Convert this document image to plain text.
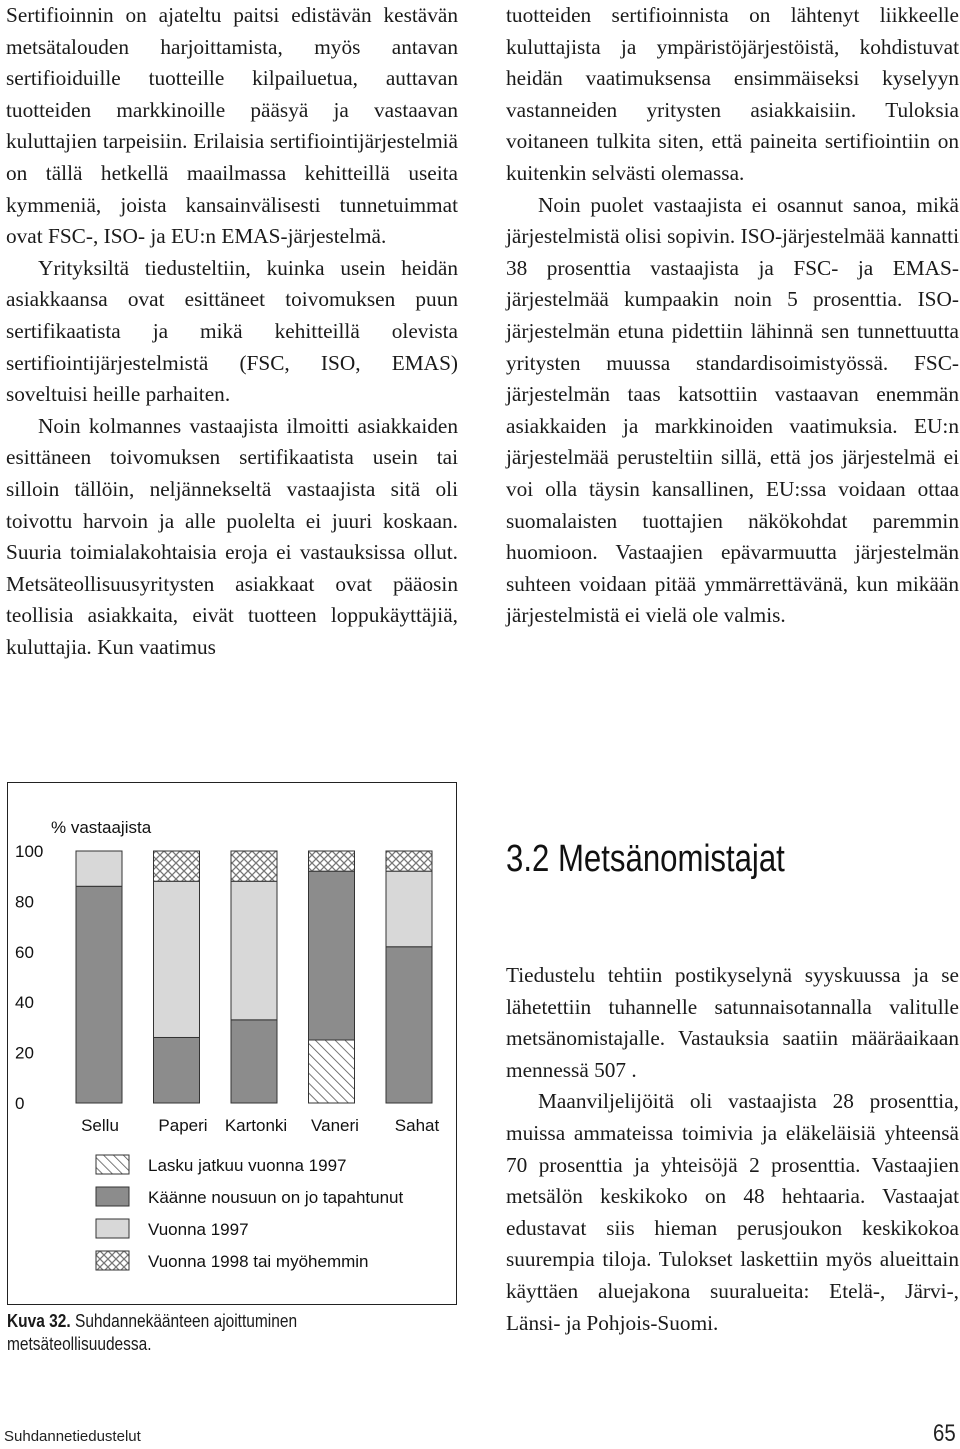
Sertifioinnin on ajateltu paitsi edistävän kestävän metsätalouden harjoittamista, myös antavan sertifioiduille tuotteille kilpailuetua, auttavan tuotteiden markkinoille pääsyä ja vastaavan kuluttajien tarpeisiin. Erilaisia sertifiointijärjestelmiä on tällä hetkellä maailmassa kehitteillä useita kymmeniä, joista kansainvälisesti tunnetuimmat ovat FSC-, ISO- ja EU:n EMAS-järjestelmä.

Yrityksiltä tiedusteltiin, kuinka usein heidän asiakkaansa ovat esittäneet toivomuksen puun sertifikaatista ja mikä kehitteillä olevista sertifiointijärjestelmistä (FSC, ISO, EMAS) soveltuisi heille parhaiten.

Noin kolmannes vastaajista ilmoitti asiakkaiden esittäneen toivomuksen sertifikaatista usein tai silloin tällöin, neljännekseltä vastaajista sitä oli toivottu harvoin ja alle puolelta ei juuri koskaan. Suuria toimialakohtaisia eroja ei vastauksissa ollut. Metsäteollisuusyritysten asiakkaat ovat pääosin teollisia asiakkaita, eivät tuotteen loppukäyttäjiä, kuluttajia. Kun vaatimus

tuotteiden sertifioinnista on lähtenyt liikkeelle kuluttajista ja ympäristöjärjestöistä, kohdistuvat heidän vaatimuksensa ensimmäiseksi kyselyyn vastanneiden yritysten asiakkaisiin. Tuloksia voitaneen tulkita siten, että paineita sertifiointiin on kuitenkin selvästi olemassa.

Noin puolet vastaajista ei osannut sanoa, mikä järjestelmistä olisi sopivin. ISO-järjestelmää kannatti 38 prosenttia vastaajista ja FSC- ja EMAS-järjestelmää kumpaakin noin 5 prosenttia. ISO-järjestelmän etuna pidettiin lähinnä sen tunnettuutta yritysten muussa standardisoimistyössä. FSC-järjestelmän taas katsottiin vastaavan enemmän asiakkaiden ja markkinoiden vaatimuksia. EU:n järjestelmää perusteltiin sillä, että jos järjestelmä ei voi olla täysin kansallinen, EU:ssa voidaan ottaa suomalaisten tuottajien näkökohdat paremmin huomioon. Vastaajien epävarmuutta järjestelmän suhteen voidaan pitää ymmärrettävänä, kun mikään järjestelmistä ei vielä ole valmis.

% vastaajista
0
20
40
60
80
100
Sellu Paperi Kartonki Vaneri Sahat
Lasku jatkuu vuonna 1997
Käänne nousuun on jo tapahtunut
Vuonna 1997
Vuonna 1998 tai myöhemmin
Kuva 32. Suhdannekäänteen ajoittuminen metsäteollisuudessa.
3.2 Metsänomistajat

Tiedustelu tehtiin postikyselynä syyskuussa ja se lähetettiin tuhannelle satunnaisotannalla valitulle metsänomistajalle. Vastauksia saatiin määräaikaan mennessä 507 .

Maanviljelijöitä oli vastaajista 28 prosenttia, muissa ammateissa toimivia ja eläkeläisiä yhteensä 70 prosenttia ja yhteisöjä 2 prosenttia. Vastaajien metsälön keskikoko on 48 hehtaaria. Vastaajat edustavat siis hieman perusjoukon keskikokoa suurempia tiloja. Tulokset laskettiin myös alueittain käyttäen aluejakona suuralueita: Etelä-, Järvi-, Länsi- ja Pohjois-Suomi.

Suhdannetiedustelut	65
